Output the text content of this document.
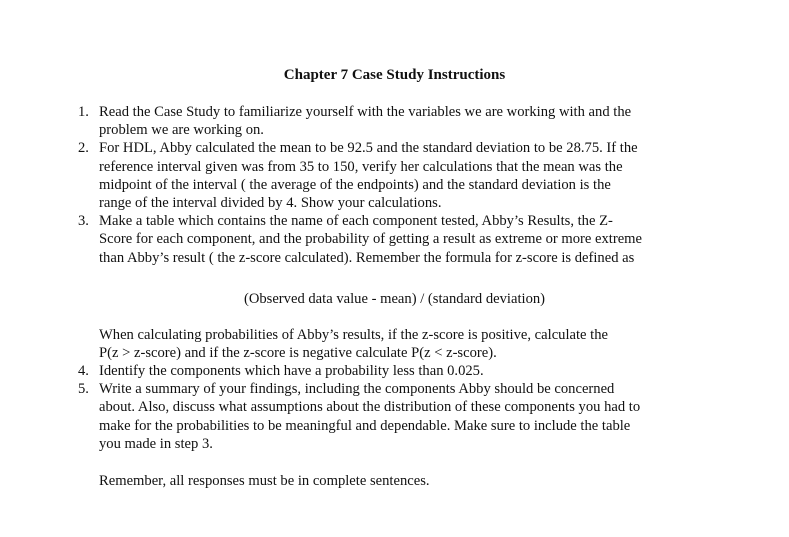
Chapter 7 Case Study Instructions
1. Read the Case Study to familiarize yourself with the variables we are working with and the
problem we are working on.
2. For HDL, Abby calculated the mean to be 92.5 and the standard deviation to be 28.75. If the
reference interval given was from 35 to 150, verify her calculations that the mean was the
midpoint of the interval ( the average of the endpoints) and the standard deviation is the
range of the interval divided by 4. Show your calculations.
3. Make a table which contains the name of each component tested, Abby’s Results, the Z-
Score for each component, and the probability of getting a result as extreme or more extreme
than Abby’s result ( the z-score calculated). Remember the formula for z-score is defined as
(Observed data value - mean) / (standard deviation)
When calculating probabilities of Abby’s results, if the z-score is positive, calculate the
P(z > z-score) and if the z-score is negative calculate P(z < z-score).
4. Identify the components which have a probability less than 0.025.
5. Write a summary of your findings, including the components Abby should be concerned
about. Also, discuss what assumptions about the distribution of these components you had to
make for the probabilities to be meaningful and dependable. Make sure to include the table
you made in step 3.
Remember, all responses must be in complete sentences.
